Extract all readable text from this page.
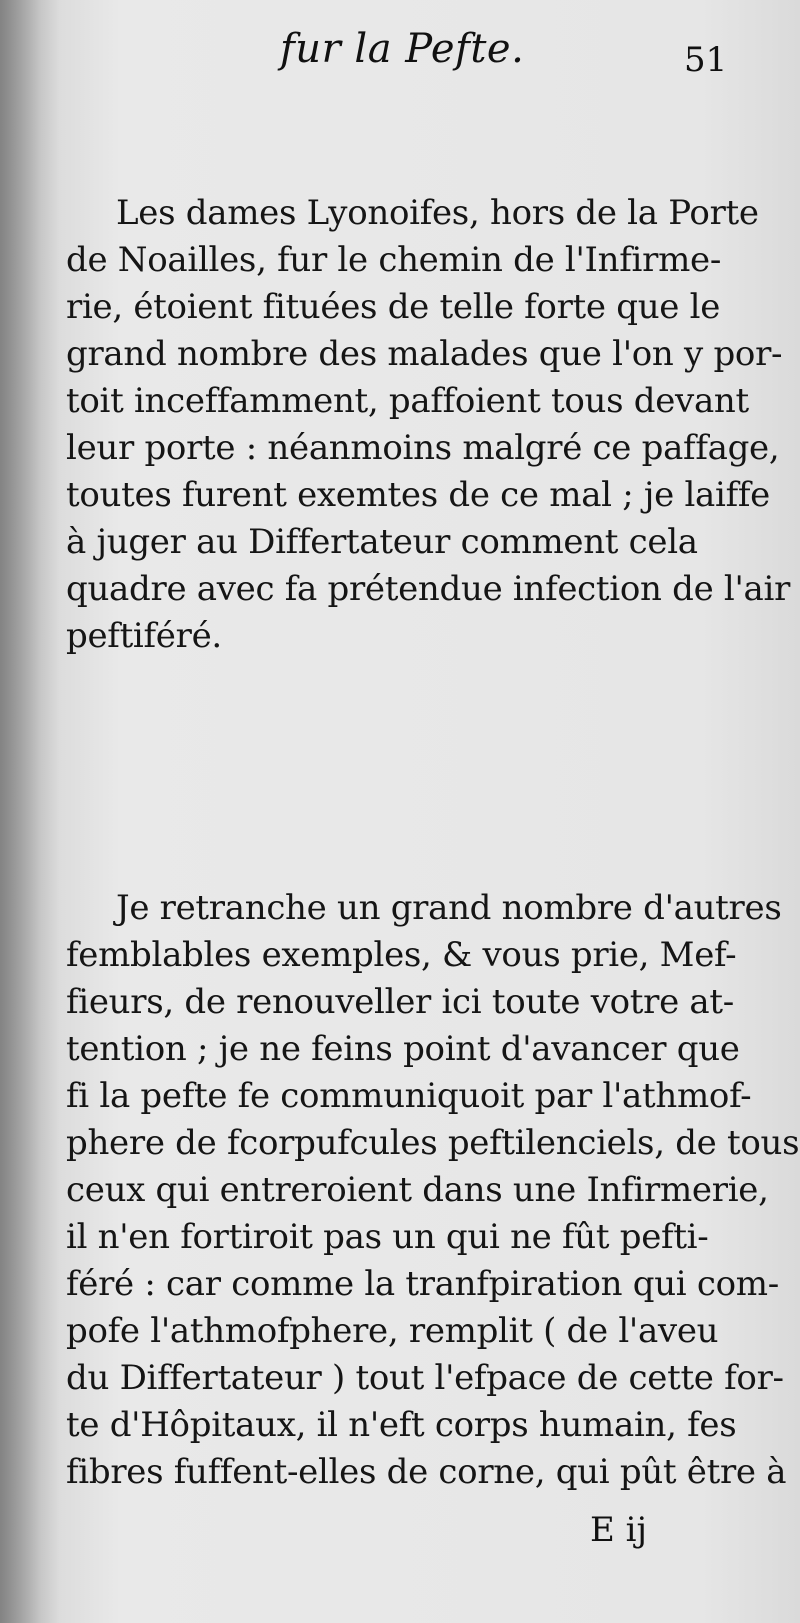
fur la Pefte.	51

Les dames Lyonoifes, hors de la Porte
de Noailles, fur le chemin de l'Infirme-
rie, étoient fituées de telle forte que le
grand nombre des malades que l'on y por-
toit inceffamment, paffoient tous devant
leur porte : néanmoins malgré ce paffage,
toutes furent exemtes de ce mal ; je laiffe
à juger au Differtateur comment cela
quadre avec fa prétendue infection de l'air
peftiféré.

Je retranche un grand nombre d'autres
femblables exemples, & vous prie, Mef-
fieurs, de renouveller ici toute votre at-
tention ; je ne feins point d'avancer que
fi la pefte fe communiquoit par l'athmof-
phere de fcorpufcules peftilenciels, de tous
ceux qui entreroient dans une Infirmerie,
il n'en fortiroit pas un qui ne fût pefti-
féré : car comme la tranfpiration qui com-
pofe l'athmofphere, remplit ( de l'aveu
du Differtateur ) tout l'efpace de cette for-
te d'Hôpitaux, il n'eft corps humain, fes
fibres fuffent-elles de corne, qui pût être à

E ij
